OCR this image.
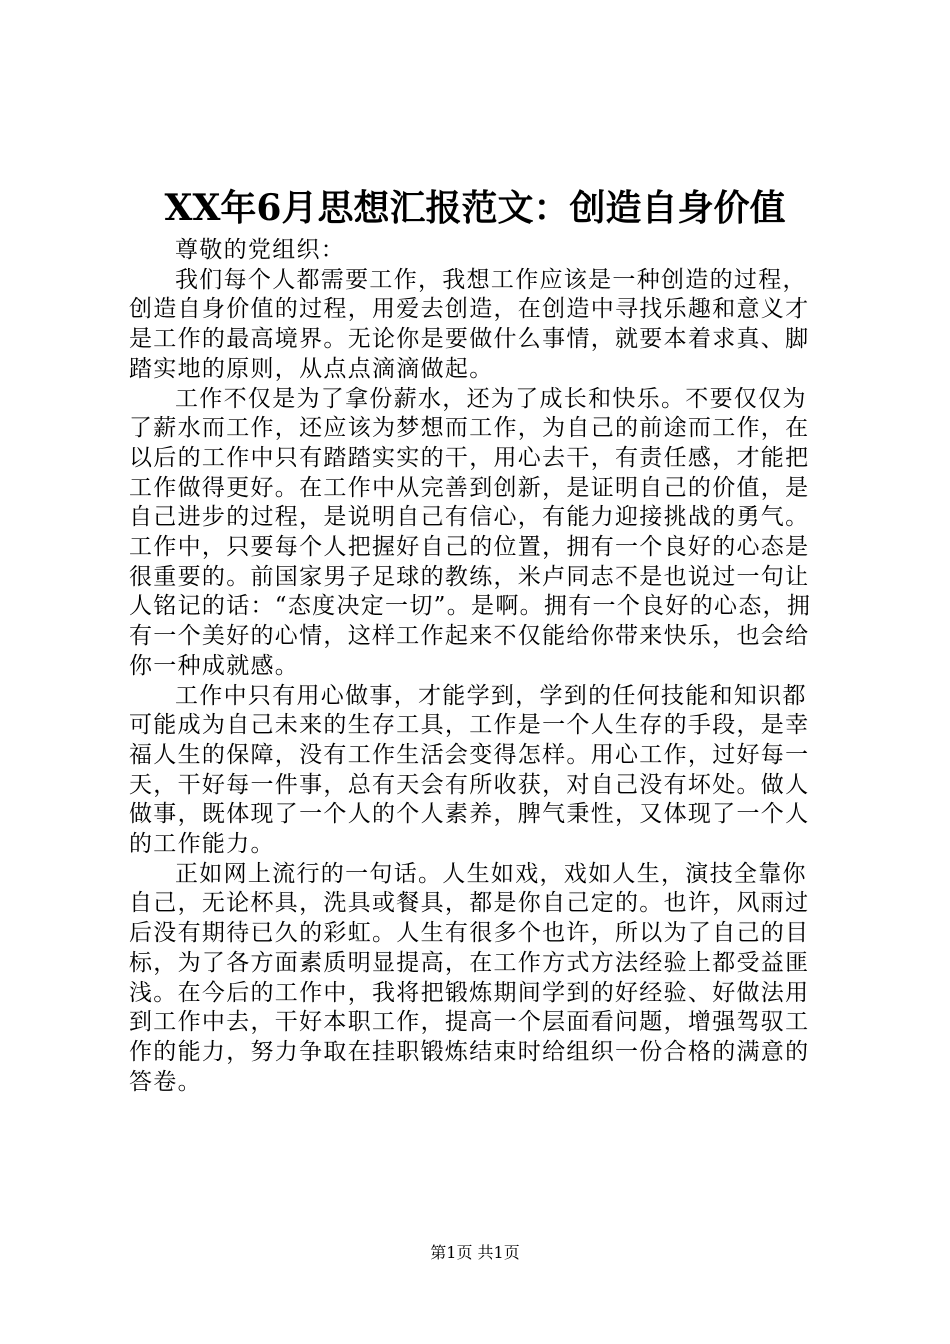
XX年6月思想汇报范文：创造自身价值

尊敬的党组织：

我们每个人都需要工作，我想工作应该是一种创造的过程，创造自身价值的过程，用爱去创造，在创造中寻找乐趣和意义才是工作的最高境界。无论你是要做什么事情，就要本着求真、脚踏实地的原则，从点点滴滴做起。

工作不仅是为了拿份薪水，还为了成长和快乐。不要仅仅为了薪水而工作，还应该为梦想而工作，为自己的前途而工作，在以后的工作中只有踏踏实实的干，用心去干，有责任感，才能把工作做得更好。在工作中从完善到创新，是证明自己的价值，是自己进步的过程，是说明自己有信心，有能力迎接挑战的勇气。工作中，只要每个人把握好自己的位置，拥有一个良好的心态是很重要的。前国家男子足球的教练，米卢同志不是也说过一句让人铭记的话：“态度决定一切”。是啊。拥有一个良好的心态，拥有一个美好的心情，这样工作起来不仅能给你带来快乐，也会给你一种成就感。

工作中只有用心做事，才能学到，学到的任何技能和知识都可能成为自己未来的生存工具，工作是一个人生存的手段，是幸福人生的保障，没有工作生活会变得怎样。用心工作，过好每一天，干好每一件事，总有天会有所收获，对自己没有坏处。做人做事，既体现了一个人的个人素养，脾气秉性，又体现了一个人的工作能力。

正如网上流行的一句话。人生如戏，戏如人生，演技全靠你自己，无论杯具，洗具或餐具，都是你自己定的。也许，风雨过后没有期待已久的彩虹。人生有很多个也许，所以为了自己的目标，为了各方面素质明显提高，在工作方式方法经验上都受益匪浅。在今后的工作中，我将把锻炼期间学到的好经验、好做法用到工作中去，干好本职工作，提高一个层面看问题，增强驾驭工作的能力，努力争取在挂职锻炼结束时给组织一份合格的满意的答卷。

第1页 共1页
